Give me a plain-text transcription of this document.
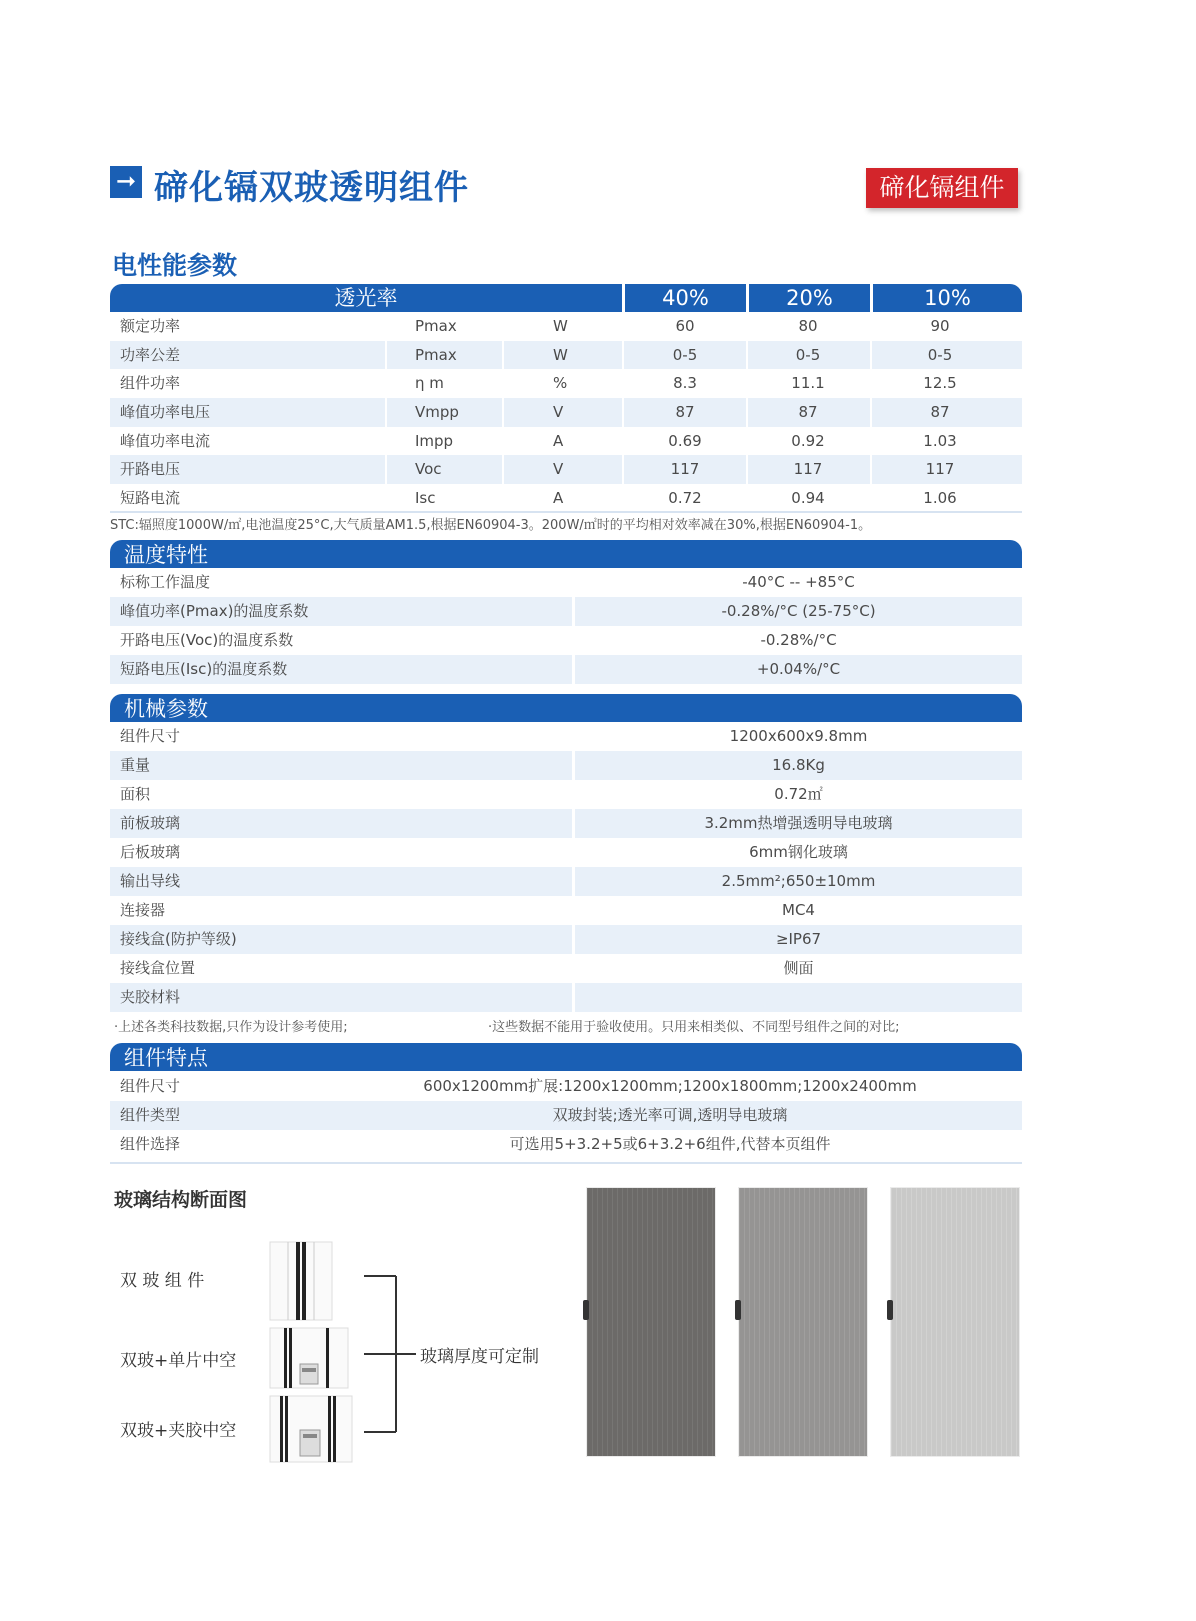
➞ 碲化镉双玻透明组件	碲化镉组件
电性能参数
透光率	40%	20%	10%
额定功率	Pmax	W	60	80	90
功率公差	Pmax	W	0-5	0-5	0-5
组件功率	η m	%	8.3	11.1	12.5
峰值功率电压	Vmpp	V	87	87	87
峰值功率电流	Impp	A	0.69	0.92	1.03
开路电压	Voc	V	117	117	117
短路电流	Isc	A	0.72	0.94	1.06
STC:辐照度1000W/㎡,电池温度25°C,大气质量AM1.5,根据EN60904-3。200W/㎡时的平均相对效率减在30%,根据EN60904-1。
温度特性
标称工作温度	-40°C -- +85°C
峰值功率(Pmax)的温度系数	-0.28%/°C (25-75°C)
开路电压(Voc)的温度系数	-0.28%/°C
短路电压(Isc)的温度系数	+0.04%/°C
机械参数
组件尺寸	1200x600x9.8mm
重量	16.8Kg
面积	0.72㎡
前板玻璃	3.2mm热增强透明导电玻璃
后板玻璃	6mm钢化玻璃
输出导线	2.5mm²;650±10mm
连接器	MC4
接线盒(防护等级)	≥IP67
接线盒位置	侧面
夹胶材料
·上述各类科技数据,只作为设计参考使用;	·这些数据不能用于验收使用。只用来相类似、不同型号组件之间的对比;
组件特点
组件尺寸	600x1200mm扩展:1200x1200mm;1200x1800mm;1200x2400mm
组件类型	双玻封装;透光率可调,透明导电玻璃
组件选择	可选用5+3.2+5或6+3.2+6组件,代替本页组件
玻璃结构断面图
双 玻 组 件
双玻+单片中空
双玻+夹胶中空
玻璃厚度可定制
